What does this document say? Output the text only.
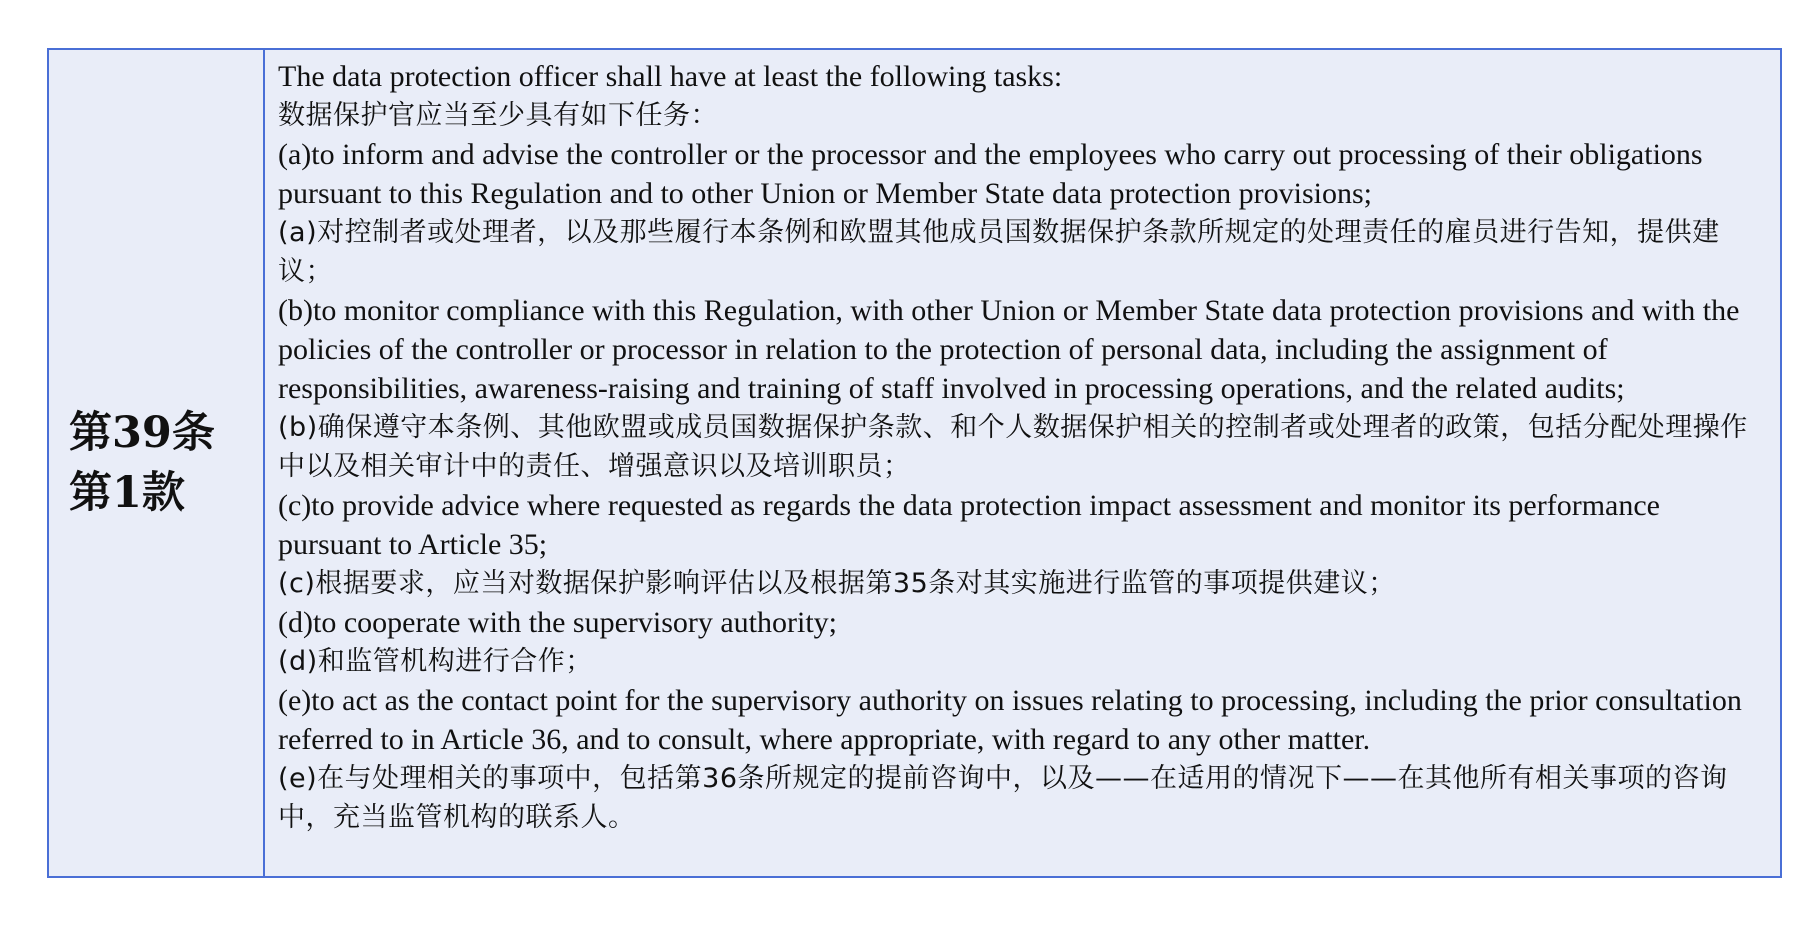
第39条
第1款

The data protection officer shall have at least the following tasks:

数据保护官应当至少具有如下任务：

(a)to inform and advise the controller or the processor and the employees who carry out processing of their obligations pursuant to this Regulation and to other Union or Member State data protection provisions;

(a)对控制者或处理者，以及那些履行本条例和欧盟其他成员国数据保护条款所规定的处理责任的雇员进行告知，提供建议；

(b)to monitor compliance with this Regulation, with other Union or Member State data protection provisions and with the policies of the controller or processor in relation to the protection of personal data, including the assignment of responsibilities, awareness-raising and training of staff involved in processing operations, and the related audits;

(b)确保遵守本条例、其他欧盟或成员国数据保护条款、和个人数据保护相关的控制者或处理者的政策，包括分配处理操作中以及相关审计中的责任、增强意识以及培训职员；

(c)to provide advice where requested as regards the data protection impact assessment and monitor its performance pursuant to Article 35;

(c)根据要求，应当对数据保护影响评估以及根据第35条对其实施进行监管的事项提供建议；

(d)to cooperate with the supervisory authority;

(d)和监管机构进行合作；

(e)to act as the contact point for the supervisory authority on issues relating to processing, including the prior consultation referred to in Article 36, and to consult, where appropriate, with regard to any other matter.

(e)在与处理相关的事项中，包括第36条所规定的提前咨询中，以及——在适用的情况下——在其他所有相关事项的咨询中，充当监管机构的联系人。
